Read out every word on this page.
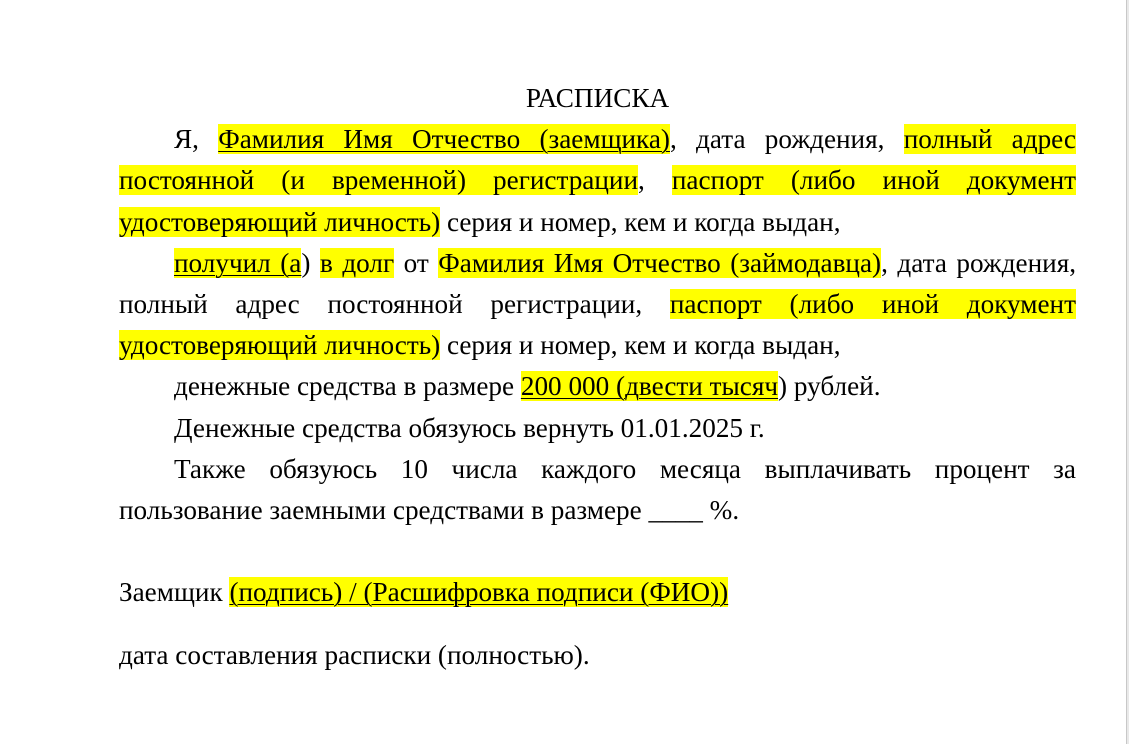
РАСПИСКА

Я, Фамилия Имя Отчество (заемщика), дата рождения, полный адрес постоянной (и временной) регистрации, паспорт (либо иной документ удостоверяющий личность) серия и номер, кем и когда выдан,

получил (а) в долг от Фамилия Имя Отчество (займодавца), дата рождения, полный адрес постоянной регистрации, паспорт (либо иной документ удостоверяющий личность) серия и номер, кем и когда выдан,

денежные средства в размере 200 000 (двести тысяч) рублей.

Денежные средства обязуюсь вернуть 01.01.2025 г.

Также обязуюсь 10 числа каждого месяца выплачивать процент за пользование заемными средствами в размере ____ %.

Заемщик (подпись) / (Расшифровка подписи (ФИО))

дата составления расписки (полностью).
